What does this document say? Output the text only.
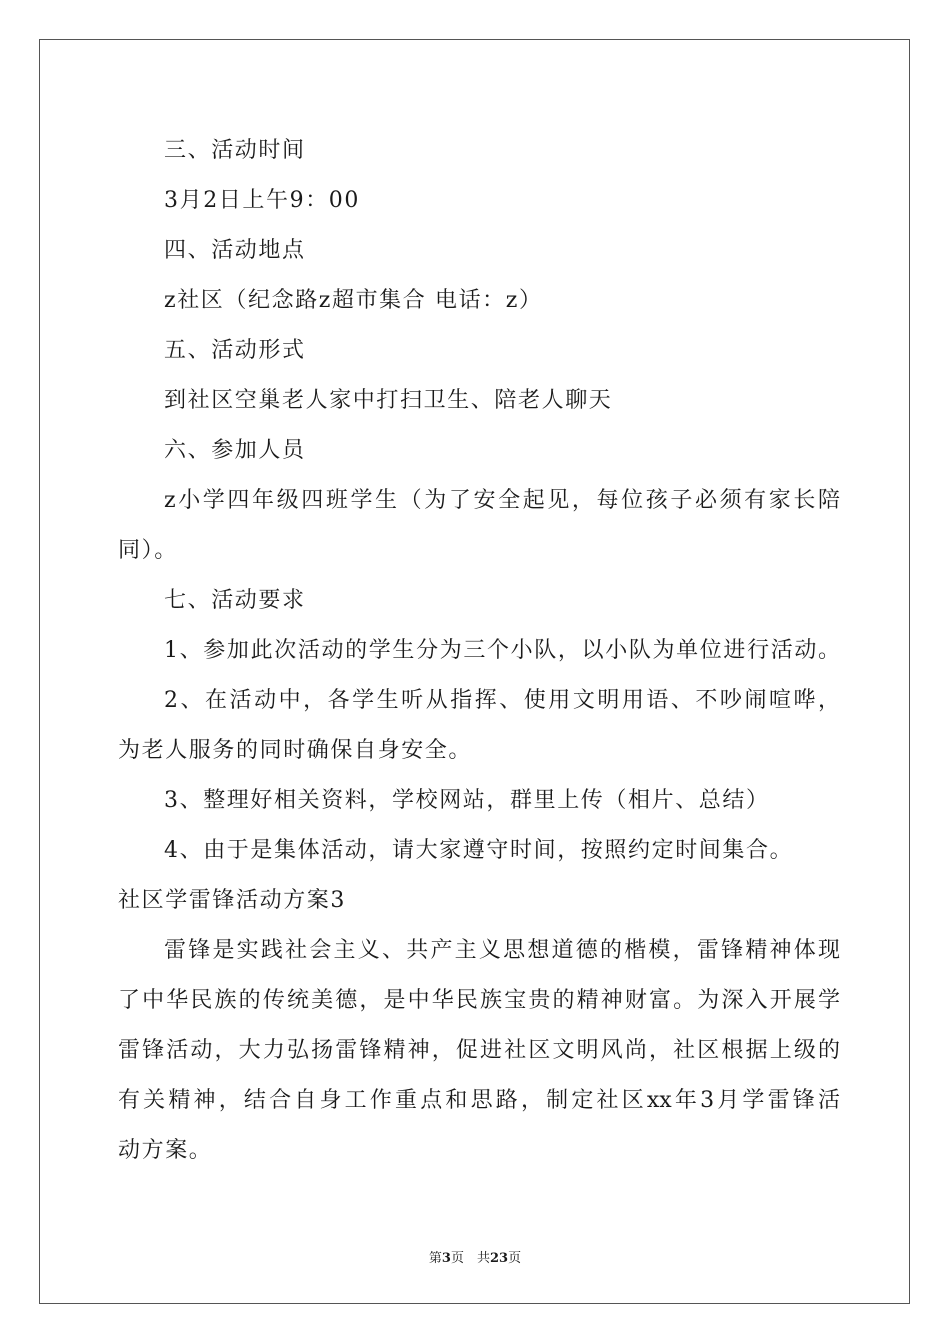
三、活动时间
3月2日上午9：00
四、活动地点
z社区（纪念路z超市集合 电话：z）
五、活动形式
到社区空巢老人家中打扫卫生、陪老人聊天
六、参加人员
z小学四年级四班学生（为了安全起见，每位孩子必须有家长陪
同）。
七、活动要求
1、参加此次活动的学生分为三个小队，以小队为单位进行活动。
2、在活动中，各学生听从指挥、使用文明用语、不吵闹喧哗，
为老人服务的同时确保自身安全。
3、整理好相关资料，学校网站，群里上传（相片、总结）
4、由于是集体活动，请大家遵守时间，按照约定时间集合。
社区学雷锋活动方案3
雷锋是实践社会主义、共产主义思想道德的楷模，雷锋精神体现
了中华民族的传统美德，是中华民族宝贵的精神财富。为深入开展学
雷锋活动，大力弘扬雷锋精神，促进社区文明风尚，社区根据上级的
有关精神，结合自身工作重点和思路，制定社区xx年3月学雷锋活
动方案。
第3页　共23页
